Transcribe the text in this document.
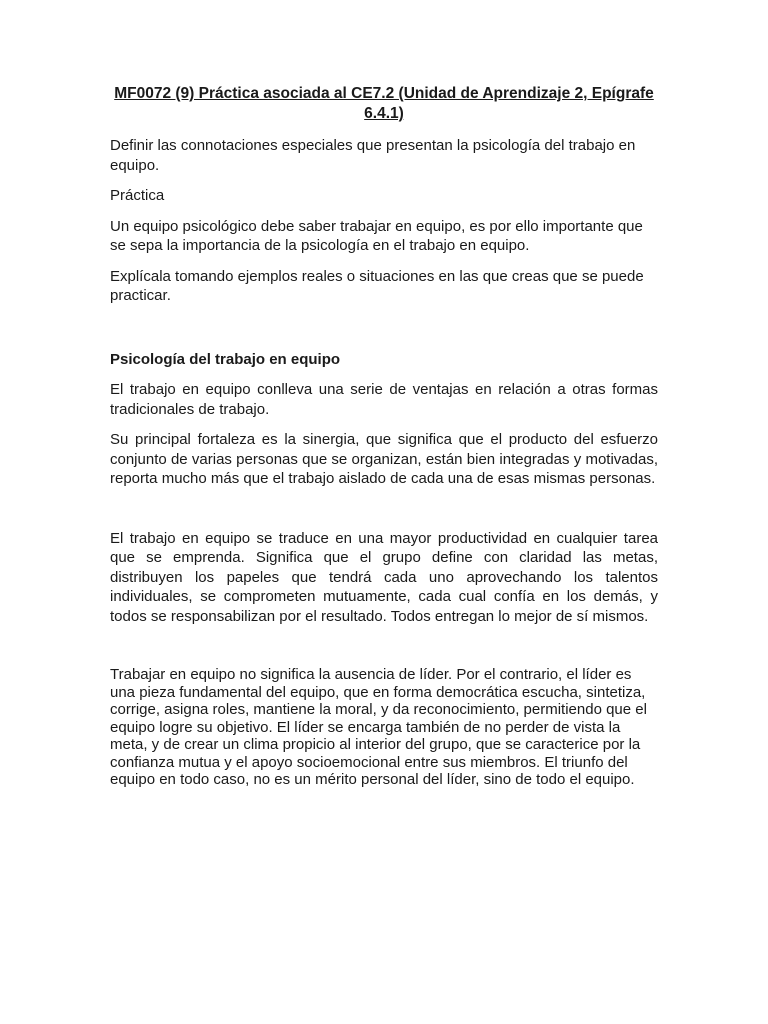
MF0072 (9) Práctica asociada al CE7.2 (Unidad de Aprendizaje 2, Epígrafe 6.4.1)

Definir las connotaciones especiales que presentan la psicología del trabajo en equipo.

Práctica

Un equipo psicológico debe saber trabajar en equipo, es por ello importante que se sepa la importancia de la psicología en el trabajo en equipo.

Explícala tomando ejemplos reales o situaciones en las que creas que se puede practicar.

Psicología del trabajo en equipo

El trabajo en equipo conlleva una serie de ventajas en relación a otras formas tradicionales de trabajo.

Su principal fortaleza es la sinergia, que significa que el producto del esfuerzo conjunto de varias personas que se organizan, están bien integradas y motivadas, reporta mucho más que el trabajo aislado de cada una de esas mismas personas.

El trabajo en equipo se traduce en una mayor productividad en cualquier tarea que se emprenda. Significa que el grupo define con claridad las metas, distribuyen los papeles que tendrá cada uno aprovechando los talentos individuales, se comprometen mutuamente, cada cual confía en los demás, y todos se responsabilizan por el resultado. Todos entregan lo mejor de sí mismos.

Trabajar en equipo no significa la ausencia de líder. Por el contrario, el líder es una pieza fundamental del equipo, que en forma democrática escucha, sintetiza, corrige, asigna roles, mantiene la moral, y da reconocimiento, permitiendo que el equipo logre su objetivo. El líder se encarga también de no perder de vista la meta, y de crear un clima propicio al interior del grupo, que se caracterice por la confianza mutua y el apoyo socioemocional entre sus miembros. El triunfo del equipo en todo caso, no es un mérito personal del líder, sino de todo el equipo.
